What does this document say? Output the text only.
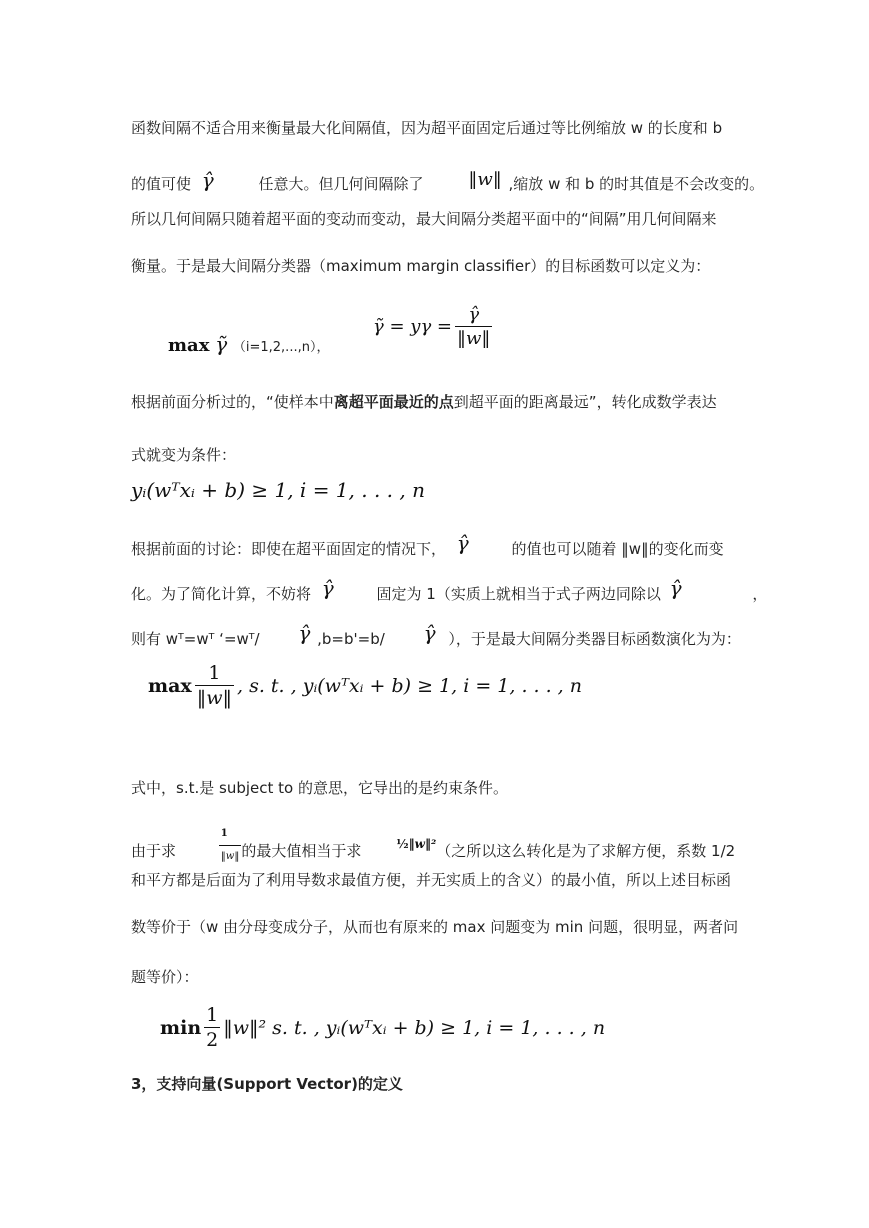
函数间隔不适合用来衡量最大化间隔值，因为超平面固定后通过等比例缩放 w 的长度和 b
的值可使 γ̂	任意大。但几何间隔除了 ‖w‖ ,缩放 w 和 b 的时其值是不会改变的。
所以几何间隔只随着超平面的变动而变动，最大间隔分类超平面中的“间隔”用几何间隔来
衡量。于是最大间隔分类器（maximum margin classifier）的目标函数可以定义为：
max γ̃ （i=1,2,...,n），
γ̃ = $y\gamma = \frac{\gammâ}{‖w‖}$
根据前面分析过的，“使样本中离超平面最近的点到超平面的距离最远”，转化成数学表达
式就变为条件：
yᵢ(wᵀxᵢ + b) ≥ 1, i = 1, . . . , n
根据前面的讨论：即使在超平面固定的情况下， γ̂	的值也可以随着 ‖w‖的变化而变
化。为了简化计算，不妨将 γ̂	固定为 1（实质上就相当于式子两边同除以 γ̂	，
则有 wᵀ=wᵀ ‘=wᵀ/ γ̂ ,b=b'=b/ γ̂ ），于是最大间隔分类器目标函数演化为为：
$\max \frac{1}{‖w‖}$ , s. t. , yᵢ(wᵀxᵢ + b) ≥ 1, i = 1, . . . , n
式中，s.t.是 subject to 的意思，它导出的是约束条件。
由于求	$\frac{1}{‖w‖}$ 的最大值相当于求	½‖w‖²（之所以这么转化是为了求解方便，系数 1/2
和平方都是后面为了利用导数求最值方便，并无实质上的含义）的最小值，所以上述目标函
数等价于（w 由分母变成分子，从而也有原来的 max 问题变为 min 问题，很明显，两者问
题等价）：
$\min \frac{1}{2}$ ‖w‖² s. t. , yᵢ(wᵀxᵢ + b) ≥ 1, i = 1, . . . , n
3，支持向量(Support Vector)的定义
